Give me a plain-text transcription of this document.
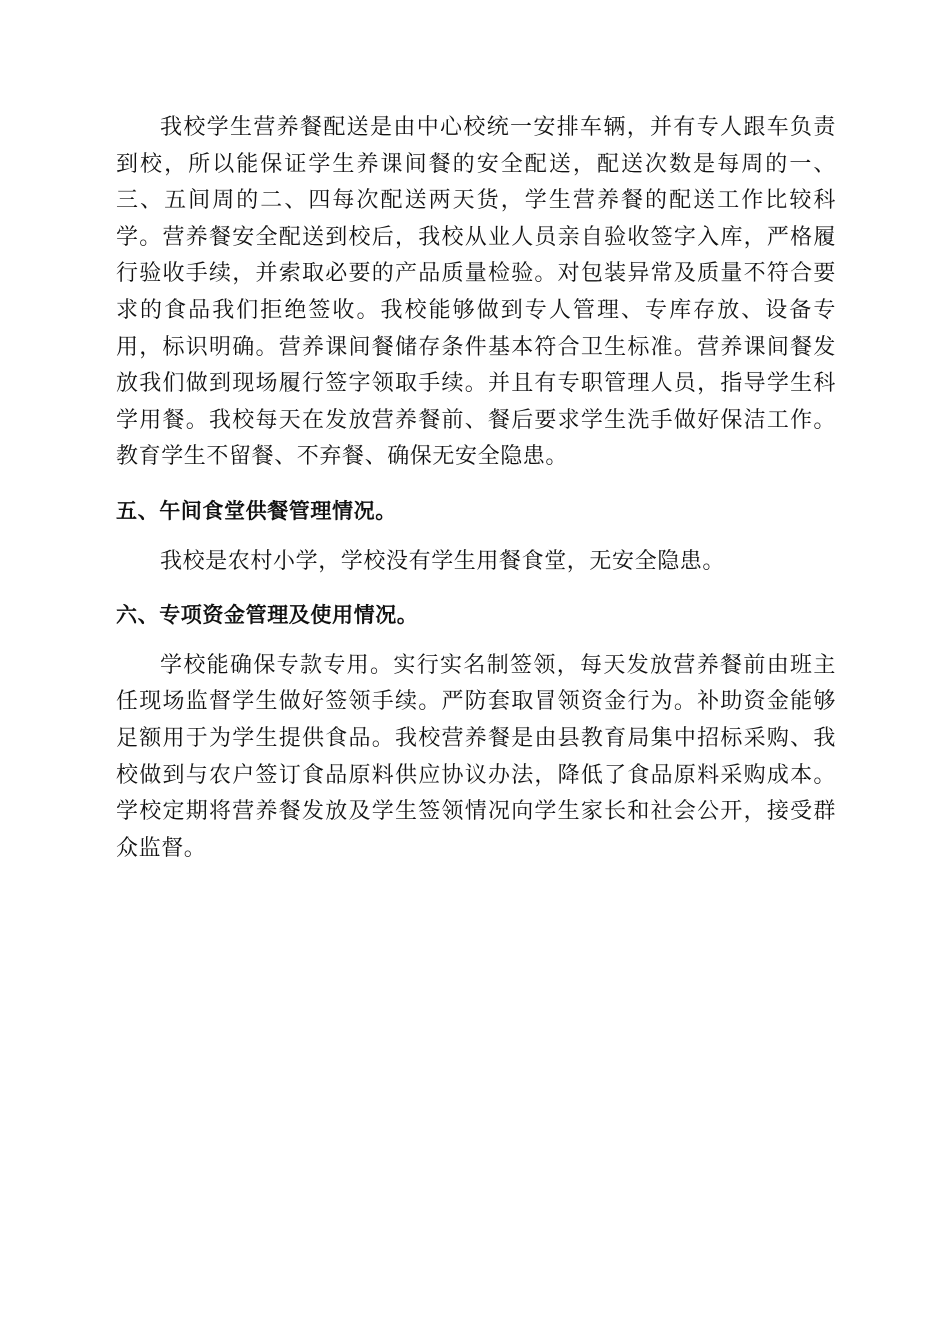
我校学生营养餐配送是由中心校统一安排车辆，并有专人跟车负责到校，所以能保证学生养课间餐的安全配送，配送次数是每周的一、三、五间周的二、四每次配送两天货，学生营养餐的配送工作比较科学。营养餐安全配送到校后，我校从业人员亲自验收签字入库，严格履行验收手续，并索取必要的产品质量检验。对包装异常及质量不符合要求的食品我们拒绝签收。我校能够做到专人管理、专库存放、设备专用，标识明确。营养课间餐储存条件基本符合卫生标准。营养课间餐发放我们做到现场履行签字领取手续。并且有专职管理人员，指导学生科学用餐。我校每天在发放营养餐前、餐后要求学生洗手做好保洁工作。教育学生不留餐、不弃餐、确保无安全隐患。

五、午间食堂供餐管理情况。

我校是农村小学，学校没有学生用餐食堂，无安全隐患。

六、专项资金管理及使用情况。

学校能确保专款专用。实行实名制签领，每天发放营养餐前由班主任现场监督学生做好签领手续。严防套取冒领资金行为。补助资金能够足额用于为学生提供食品。我校营养餐是由县教育局集中招标采购、我校做到与农户签订食品原料供应协议办法，降低了食品原料采购成本。学校定期将营养餐发放及学生签领情况向学生家长和社会公开，接受群众监督。
